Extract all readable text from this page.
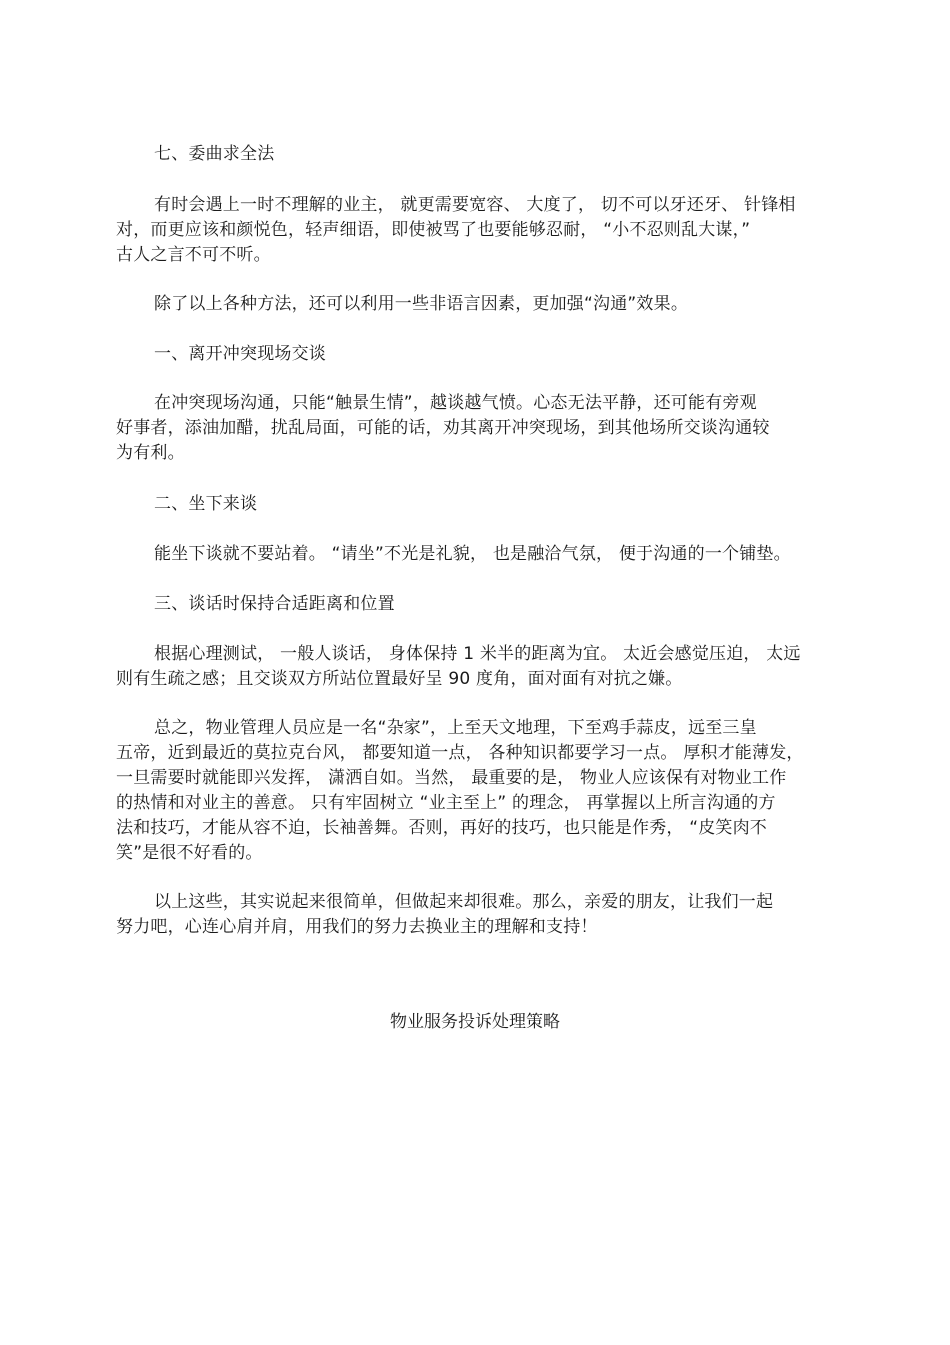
七、委曲求全法
有时会遇上一时不理解的业主， 就更需要宽容、 大度了， 切不可以牙还牙、 针锋相
对，而更应该和颜悦色，轻声细语，即使被骂了也要能够忍耐， “小不忍则乱大谋，”
古人之言不可不听。
除了以上各种方法，还可以利用一些非语言因素，更加强“沟通”效果。
一、离开冲突现场交谈
在冲突现场沟通，只能“触景生情”，越谈越气愤。心态无法平静，还可能有旁观
好事者，添油加醋，扰乱局面，可能的话，劝其离开冲突现场，到其他场所交谈沟通较
为有利。
二、坐下来谈
能坐下谈就不要站着。 “请坐”不光是礼貌， 也是融洽气氛， 便于沟通的一个铺垫。
三、谈话时保持合适距离和位置
根据心理测试， 一般人谈话， 身体保持 1 米半的距离为宜。 太近会感觉压迫， 太远
则有生疏之感；且交谈双方所站位置最好呈 90 度角，面对面有对抗之嫌。
总之，物业管理人员应是一名“杂家”，上至天文地理，下至鸡手蒜皮，远至三皇
五帝，近到最近的莫拉克台风， 都要知道一点， 各种知识都要学习一点。 厚积才能薄发，
一旦需要时就能即兴发挥， 潇洒自如。当然， 最重要的是， 物业人应该保有对物业工作
的热情和对业主的善意。 只有牢固树立 “业主至上” 的理念， 再掌握以上所言沟通的方
法和技巧，才能从容不迫，长袖善舞。否则，再好的技巧，也只能是作秀， “皮笑肉不
笑”是很不好看的。
以上这些，其实说起来很简单，但做起来却很难。那么，亲爱的朋友，让我们一起
努力吧，心连心肩并肩，用我们的努力去换业主的理解和支持！
物业服务投诉处理策略
